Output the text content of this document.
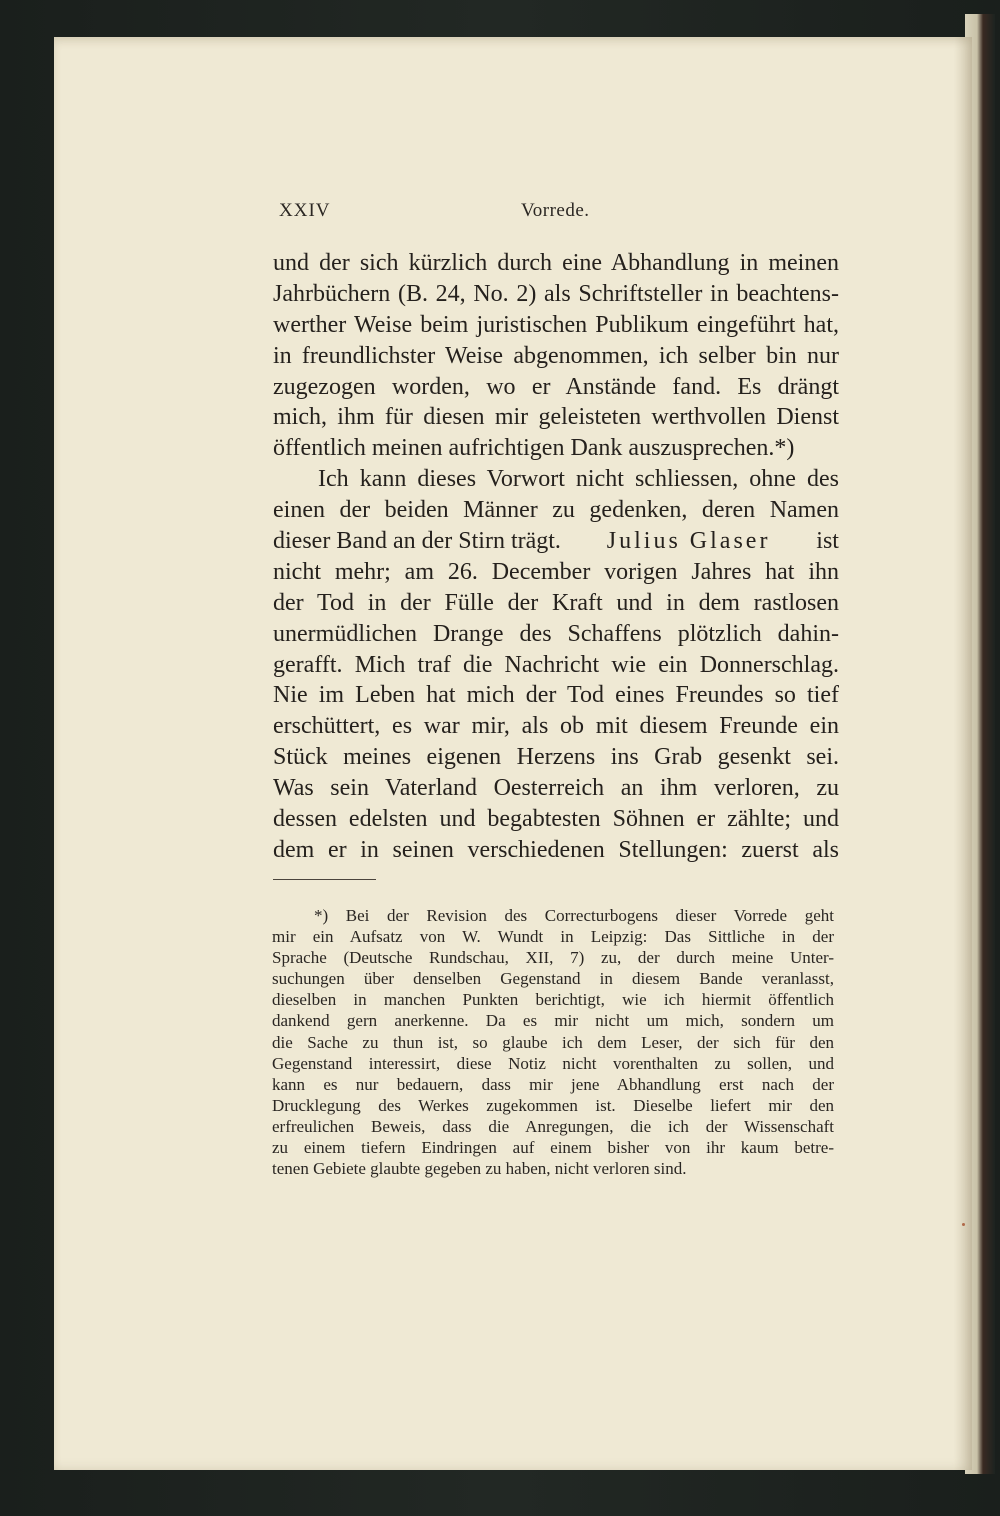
XXIV	Vorrede.
und der sich kürzlich durch eine Abhandlung in meinen
Jahrbüchern (B. 24, No. 2) als Schriftsteller in beachtens-
werther Weise beim juristischen Publikum eingeführt hat,
in freundlichster Weise abgenommen, ich selber bin nur
zugezogen worden, wo er Anstände fand. Es drängt
mich, ihm für diesen mir geleisteten werthvollen Dienst
öffentlich meinen aufrichtigen Dank auszusprechen.*)
Ich kann dieses Vorwort nicht schliessen, ohne des
einen der beiden Männer zu gedenken, deren Namen
dieser Band an der Stirn trägt. Julius Glaser ist
nicht mehr; am 26. December vorigen Jahres hat ihn
der Tod in der Fülle der Kraft und in dem rastlosen
unermüdlichen Drange des Schaffens plötzlich dahin-
gerafft. Mich traf die Nachricht wie ein Donnerschlag.
Nie im Leben hat mich der Tod eines Freundes so tief
erschüttert, es war mir, als ob mit diesem Freunde ein
Stück meines eigenen Herzens ins Grab gesenkt sei.
Was sein Vaterland Oesterreich an ihm verloren, zu
dessen edelsten und begabtesten Söhnen er zählte; und
dem er in seinen verschiedenen Stellungen: zuerst als
*) Bei der Revision des Correcturbogens dieser Vorrede geht
mir ein Aufsatz von W. Wundt in Leipzig: Das Sittliche in der
Sprache (Deutsche Rundschau, XII, 7) zu, der durch meine Unter-
suchungen über denselben Gegenstand in diesem Bande veranlasst,
dieselben in manchen Punkten berichtigt, wie ich hiermit öffentlich
dankend gern anerkenne. Da es mir nicht um mich, sondern um
die Sache zu thun ist, so glaube ich dem Leser, der sich für den
Gegenstand interessirt, diese Notiz nicht vorenthalten zu sollen, und
kann es nur bedauern, dass mir jene Abhandlung erst nach der
Drucklegung des Werkes zugekommen ist. Dieselbe liefert mir den
erfreulichen Beweis, dass die Anregungen, die ich der Wissenschaft
zu einem tiefern Eindringen auf einem bisher von ihr kaum betre-
tenen Gebiete glaubte gegeben zu haben, nicht verloren sind.
